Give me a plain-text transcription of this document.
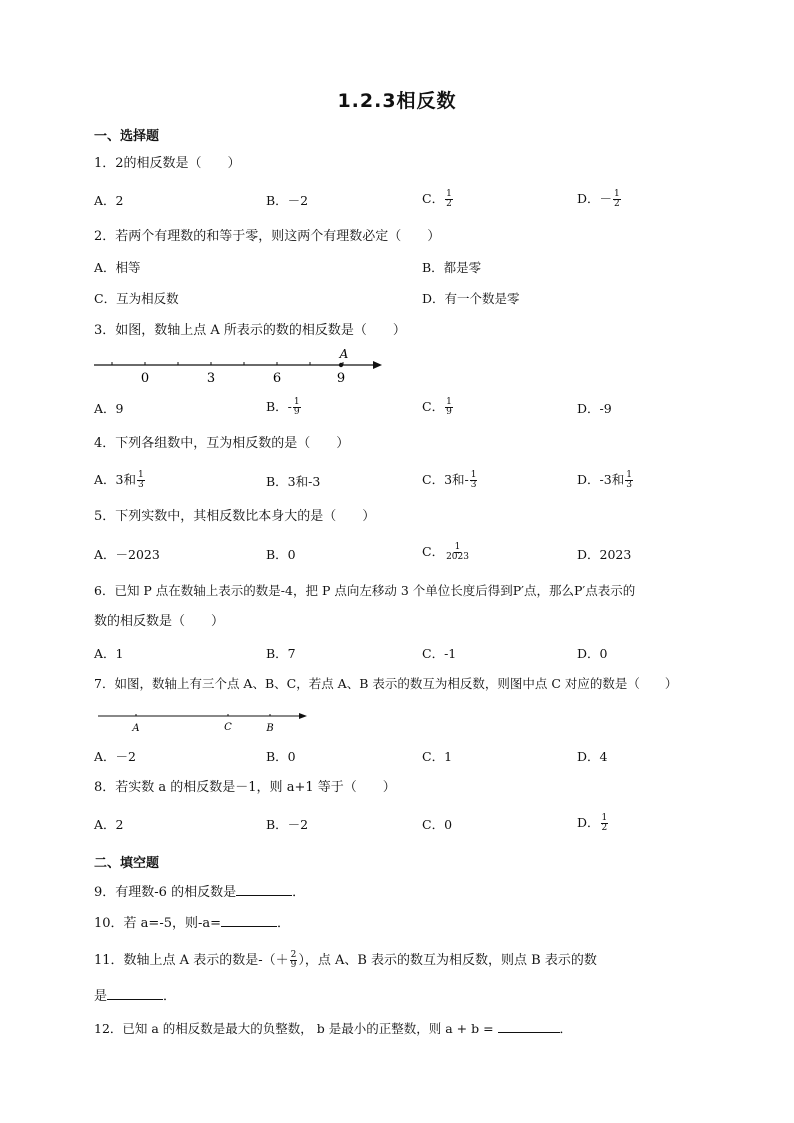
1.2.3相反数
一、选择题
1．2的相反数是（　　）
A．2	B．－2	C． $\frac{1}{2}$	D．－ $\frac{1}{2}$
2．若两个有理数的和等于零，则这两个有理数必定（　　）
A．相等	B．都是零
C．互为相反数	D．有一个数是零
3．如图，数轴上点 A 所表示的数的相反数是（　　）
0	3	6	9
A
A．9	B．- $\frac{1}{9}$	C． $\frac{1}{9}$	D．-9
4．下列各组数中，互为相反数的是（　　）
A．3和 $\frac{1}{3}$	B．3和-3	C．3和- $\frac{1}{3}$	D．-3和 $\frac{1}{3}$
5．下列实数中，其相反数比本身大的是（　　）
A．－2023	B．0	C． $\frac{1}{2023}$	D．2023
6．已知 P 点在数轴上表示的数是-4，把 P 点向左移动 3 个单位长度后得到P′点，那么P′点表示的
数的相反数是（　　）
A．1	B．7	C．-1	D．0
7．如图，数轴上有三个点 A、B、C，若点 A、B 表示的数互为相反数，则图中点 C 对应的数是（　　）
A	C	B
A．－2	B．0	C．1	D．4
8．若实数 a 的相反数是－1，则 a+1 等于（　　）
A．2	B．－2	C．0	D． $\frac{1}{2}$
二、填空题
9．有理数-6 的相反数是	．
10．若 a=-5，则-a=	．
11．数轴上点 A 表示的数是-（＋ $\frac{2}{9}$ ），点 A、B 表示的数互为相反数，则点 B 表示的数
是	．
12．已知 a 的相反数是最大的负整数， b 是最小的正整数，则 a + b =	．
